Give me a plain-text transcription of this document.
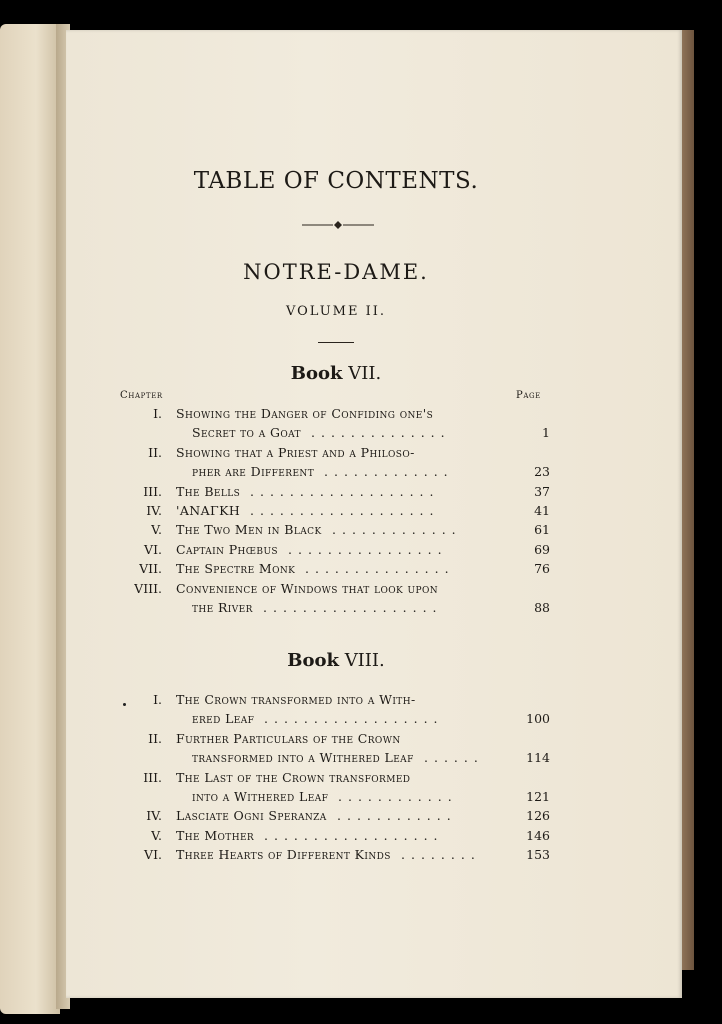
TABLE OF CONTENTS.
NOTRE-DAME.
VOLUME II.
Book VII.
Chapter	Page
Book VIII.
I. Showing the Danger of Confiding one's
Secret to a Goat ..............	1
II. Showing that a Priest and a Philoso-
pher are Different .............	23
III. The Bells ...................	37
IV. 'ΑΝΑΓΚΗ ...................	41
V. The Two Men in Black .............	61
VI. Captain Phœbus ................	69
VII. The Spectre Monk ...............	76
VIII. Convenience of Windows that look upon
the River ..................	88
I. The Crown transformed into a With-
ered Leaf ..................	100
II. Further Particulars of the Crown
transformed into a Withered Leaf ......	114
III. The Last of the Crown transformed
into a Withered Leaf ............	121
IV. Lasciate Ogni Speranza ............	126
V. The Mother ..................	146
VI. Three Hearts of Different Kinds ........	153
